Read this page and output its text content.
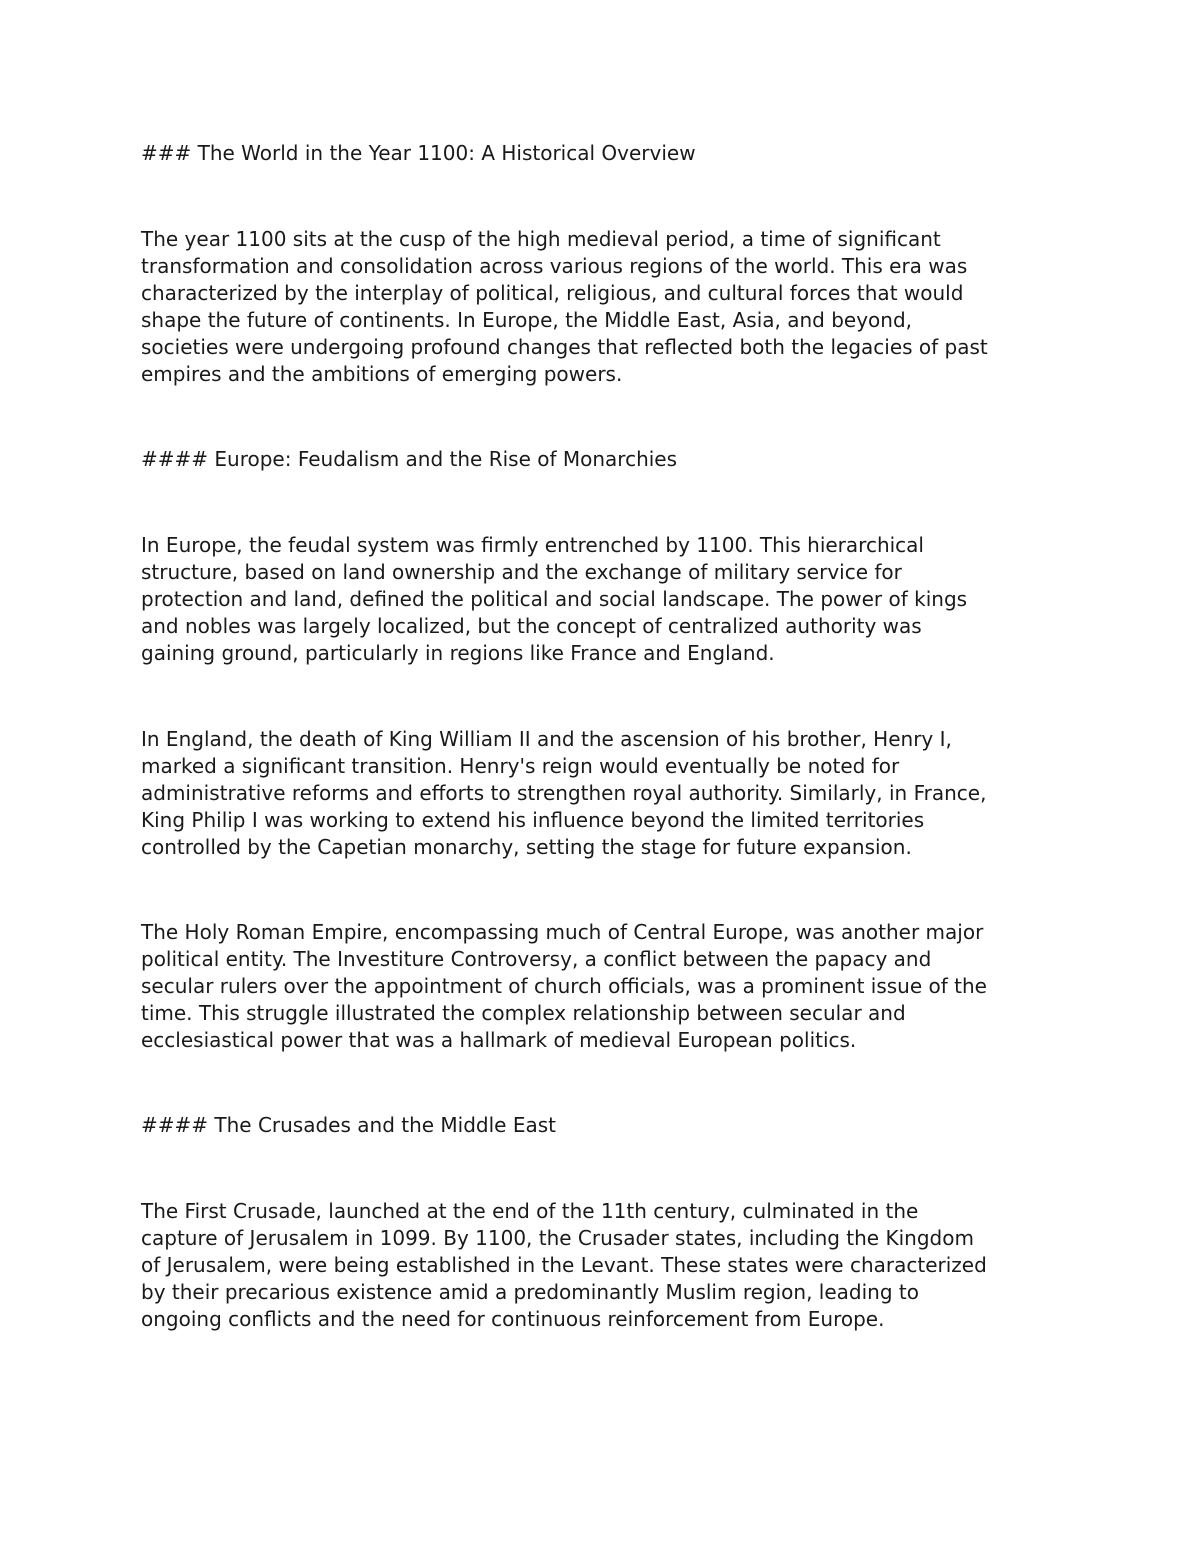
### The World in the Year 1100: A Historical Overview

The year 1100 sits at the cusp of the high medieval period, a time of significant
transformation and consolidation across various regions of the world. This era was
characterized by the interplay of political, religious, and cultural forces that would
shape the future of continents. In Europe, the Middle East, Asia, and beyond,
societies were undergoing profound changes that reflected both the legacies of past
empires and the ambitions of emerging powers.

#### Europe: Feudalism and the Rise of Monarchies

In Europe, the feudal system was firmly entrenched by 1100. This hierarchical
structure, based on land ownership and the exchange of military service for
protection and land, defined the political and social landscape. The power of kings
and nobles was largely localized, but the concept of centralized authority was
gaining ground, particularly in regions like France and England.

In England, the death of King William II and the ascension of his brother, Henry I,
marked a significant transition. Henry's reign would eventually be noted for
administrative reforms and efforts to strengthen royal authority. Similarly, in France,
King Philip I was working to extend his influence beyond the limited territories
controlled by the Capetian monarchy, setting the stage for future expansion.

The Holy Roman Empire, encompassing much of Central Europe, was another major
political entity. The Investiture Controversy, a conflict between the papacy and
secular rulers over the appointment of church officials, was a prominent issue of the
time. This struggle illustrated the complex relationship between secular and
ecclesiastical power that was a hallmark of medieval European politics.

#### The Crusades and the Middle East

The First Crusade, launched at the end of the 11th century, culminated in the
capture of Jerusalem in 1099. By 1100, the Crusader states, including the Kingdom
of Jerusalem, were being established in the Levant. These states were characterized
by their precarious existence amid a predominantly Muslim region, leading to
ongoing conflicts and the need for continuous reinforcement from Europe.
